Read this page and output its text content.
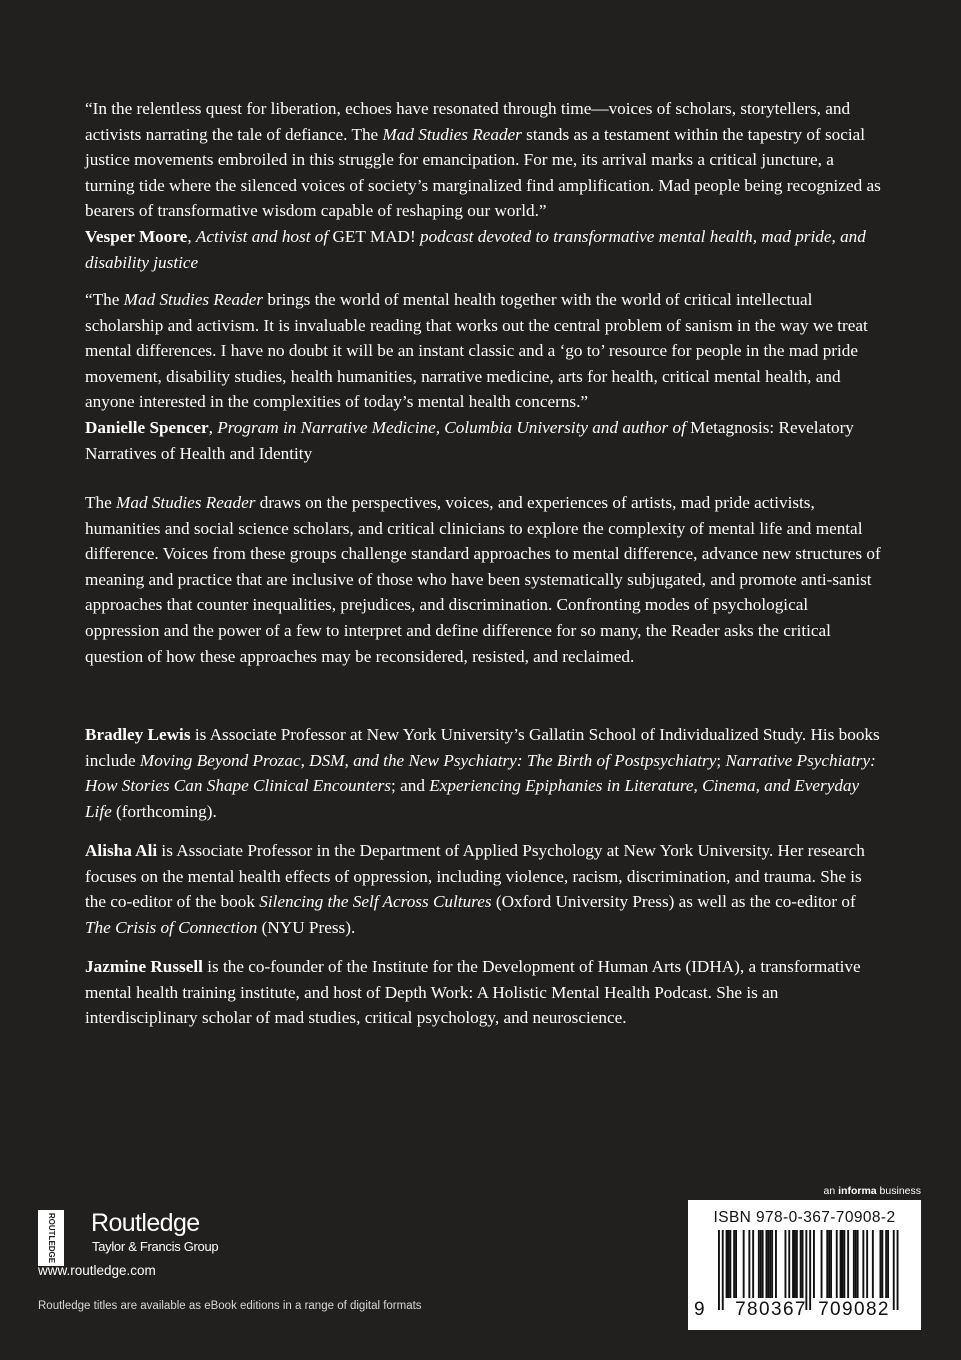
“In the relentless quest for liberation, echoes have resonated through time—voices of scholars, storytellers, and activists narrating the tale of defiance. The Mad Studies Reader stands as a testament within the tapestry of social justice movements embroiled in this struggle for emancipation. For me, its arrival marks a critical juncture, a turning tide where the silenced voices of society’s marginalized find amplification. Mad people being recognized as bearers of transformative wisdom capable of reshaping our world.”

Vesper Moore, Activist and host of GET MAD! podcast devoted to transformative mental health, mad pride, and disability justice

“The Mad Studies Reader brings the world of mental health together with the world of critical intellectual scholarship and activism. It is invaluable reading that works out the central problem of sanism in the way we treat mental differences. I have no doubt it will be an instant classic and a ‘go to’ resource for people in the mad pride movement, disability studies, health humanities, narrative medicine, arts for health, critical mental health, and anyone interested in the complexities of today’s mental health concerns.”

Danielle Spencer, Program in Narrative Medicine, Columbia University and author of Metagnosis: Revelatory Narratives of Health and Identity

The Mad Studies Reader draws on the perspectives, voices, and experiences of artists, mad pride activists, humanities and social science scholars, and critical clinicians to explore the complexity of mental life and mental difference. Voices from these groups challenge standard approaches to mental difference, advance new structures of meaning and practice that are inclusive of those who have been systematically subjugated, and promote anti-sanist approaches that counter inequalities, prejudices, and discrimination. Confronting modes of psychological oppression and the power of a few to interpret and define difference for so many, the Reader asks the critical question of how these approaches may be reconsidered, resisted, and reclaimed.

Bradley Lewis is Associate Professor at New York University’s Gallatin School of Individualized Study. His books include Moving Beyond Prozac, DSM, and the New Psychiatry: The Birth of Postpsychiatry; Narrative Psychiatry: How Stories Can Shape Clinical Encounters; and Experiencing Epiphanies in Literature, Cinema, and Everyday Life (forthcoming).

Alisha Ali is Associate Professor in the Department of Applied Psychology at New York University. Her research focuses on the mental health effects of oppression, including violence, racism, discrimination, and trauma. She is the co-editor of the book Silencing the Self Across Cultures (Oxford University Press) as well as the co-editor of The Crisis of Connection (NYU Press).

Jazmine Russell is the co-founder of the Institute for the Development of Human Arts (IDHA), a transformative mental health training institute, and host of Depth Work: A Holistic Mental Health Podcast. She is an interdisciplinary scholar of mad studies, critical psychology, and neuroscience.

ROUTLEDGE Routledge
Taylor & Francis Group
www.routledge.com
Routledge titles are available as eBook editions in a range of digital formats
an informa business
ISBN 978-0-367-70908-2
9 780367 709082
